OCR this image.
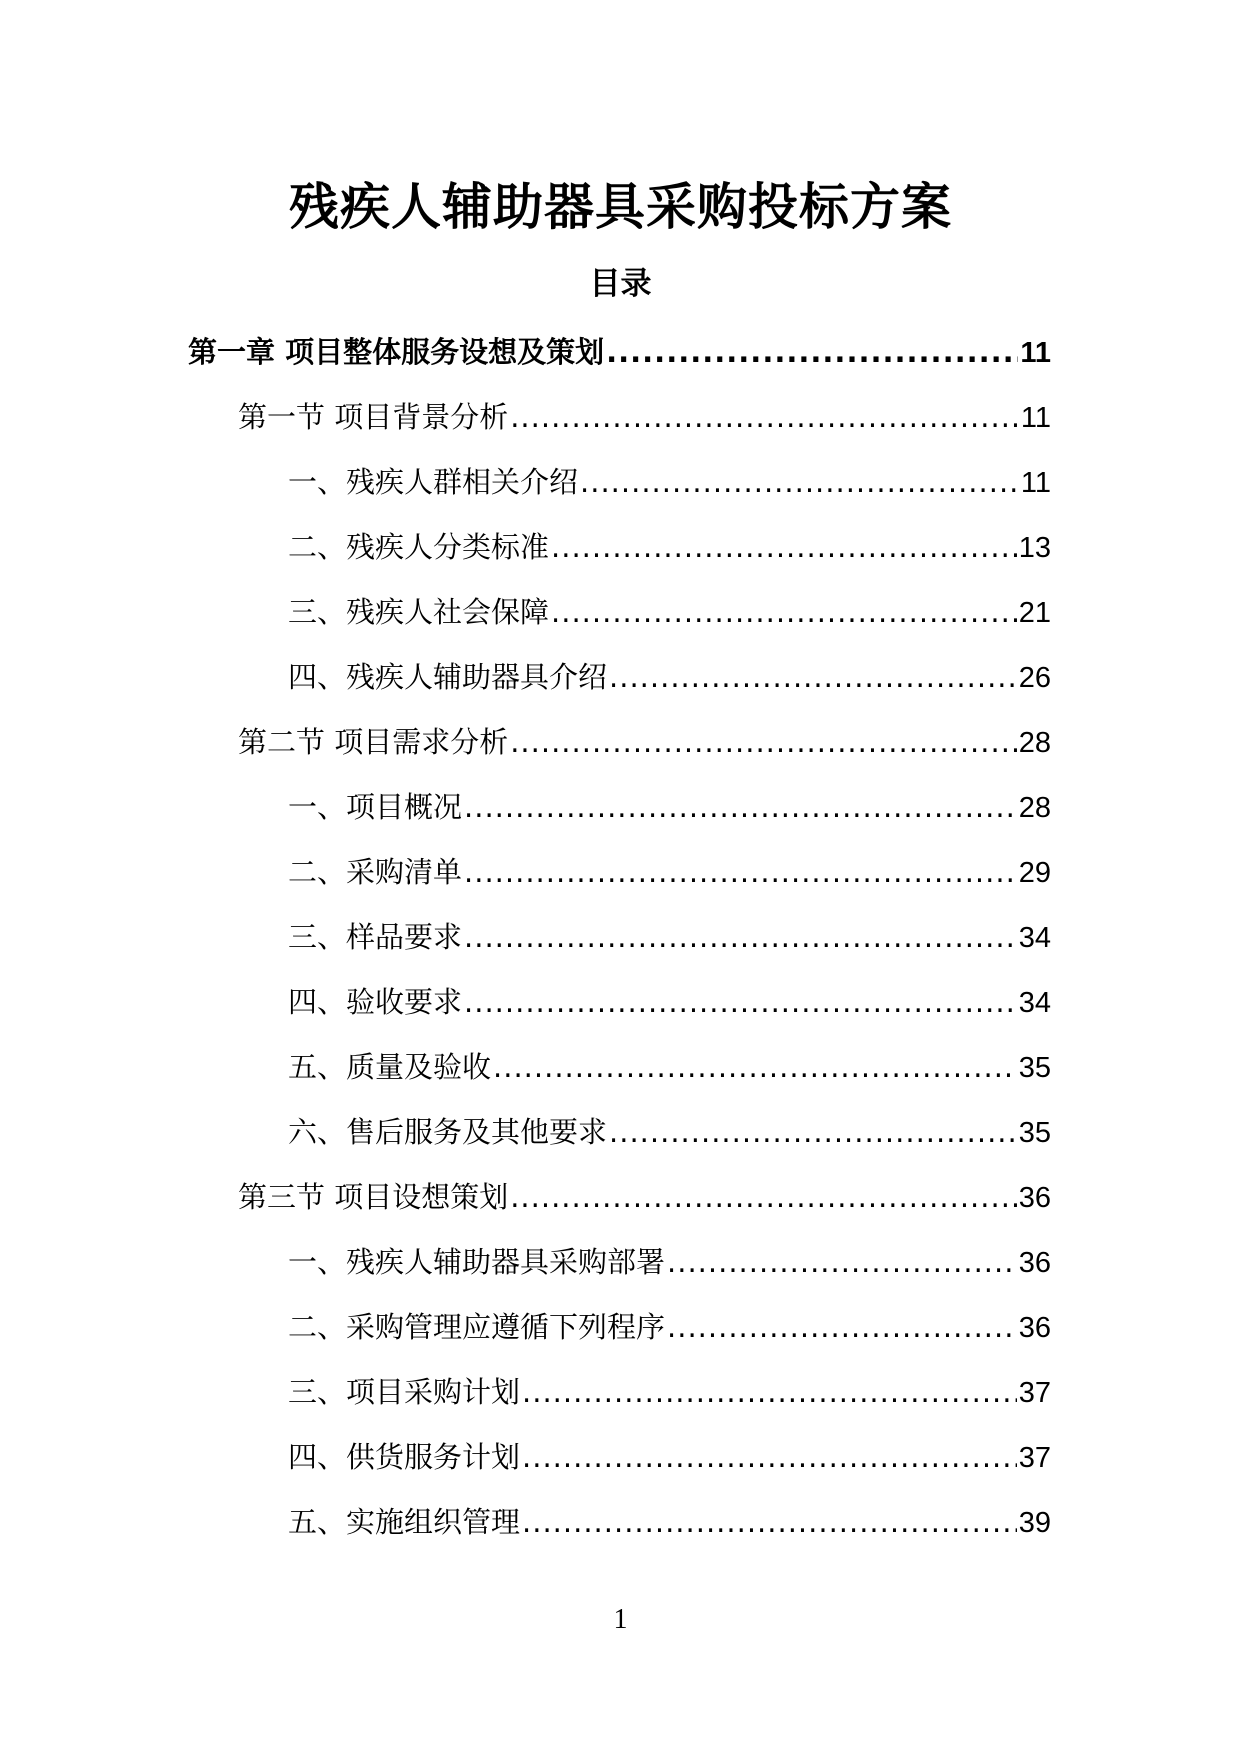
残疾人辅助器具采购投标方案
目录
第一章 项目整体服务设想及策划 .....	11
第一节 项目背景分析 .....	11
一、残疾人群相关介绍 .....	11
二、残疾人分类标准 .....	13
三、残疾人社会保障 .....	21
四、残疾人辅助器具介绍 .....	26
第二节 项目需求分析 .....	28
一、项目概况 .....	28
二、采购清单 .....	29
三、样品要求 .....	34
四、验收要求 .....	34
五、质量及验收 .....	35
六、售后服务及其他要求 .....	35
第三节 项目设想策划 .....	36
一、残疾人辅助器具采购部署 .....	36
二、采购管理应遵循下列程序 .....	36
三、项目采购计划 .....	37
四、供货服务计划 .....	37
五、实施组织管理 .....	39
1
